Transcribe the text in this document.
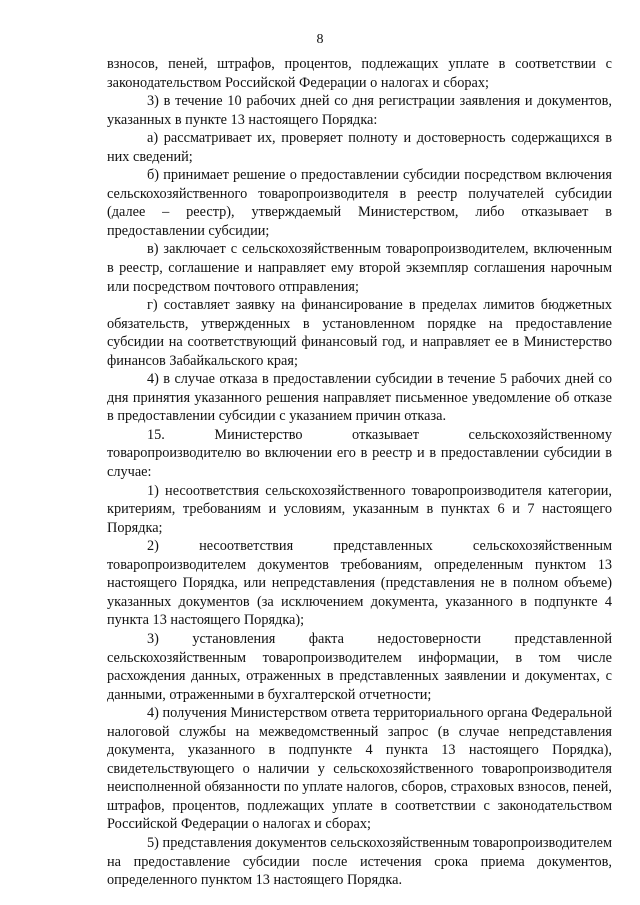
8

взносов, пеней, штрафов, процентов, подлежащих уплате в соответствии с законодательством Российской Федерации о налогах и сборах;

3) в течение 10 рабочих дней со дня регистрации заявления и документов, указанных в пункте 13 настоящего Порядка:

а) рассматривает их, проверяет полноту и достоверность содержащихся в них сведений;

б) принимает решение о предоставлении субсидии посредством включения сельскохозяйственного товаропроизводителя в реестр получателей субсидии (далее – реестр), утверждаемый Министерством, либо отказывает в предоставлении субсидии;

в) заключает с сельскохозяйственным товаропроизводителем, включенным в реестр, соглашение и направляет ему второй экземпляр соглашения нарочным или посредством почтового отправления;

г) составляет заявку на финансирование в пределах лимитов бюджетных обязательств, утвержденных в установленном порядке на предоставление субсидии на соответствующий финансовый год, и направляет ее в Министерство финансов Забайкальского края;

4) в случае отказа в предоставлении субсидии в течение 5 рабочих дней со дня принятия указанного решения направляет письменное уведомление об отказе в предоставлении субсидии с указанием причин отказа.

15. Министерство отказывает сельскохозяйственному товаропроизводителю во включении его в реестр и в предоставлении субсидии в случае:

1) несоответствия сельскохозяйственного товаропроизводителя категории, критериям, требованиям и условиям, указанным в пунктах 6 и 7 настоящего Порядка;

2) несоответствия представленных сельскохозяйственным товаропроизводителем документов требованиям, определенным пунктом 13 настоящего Порядка, или непредставления (представления не в полном объеме) указанных документов (за исключением документа, указанного в подпункте 4 пункта 13 настоящего Порядка);

3) установления факта недостоверности представленной сельскохозяйственным товаропроизводителем информации, в том числе расхождения данных, отраженных в представленных заявлении и документах, с данными, отраженными в бухгалтерской отчетности;

4) получения Министерством ответа территориального органа Федеральной налоговой службы на межведомственный запрос (в случае непредставления документа, указанного в подпункте 4 пункта 13 настоящего Порядка), свидетельствующего о наличии у сельскохозяйственного товаропроизводителя неисполненной обязанности по уплате налогов, сборов, страховых взносов, пеней, штрафов, процентов, подлежащих уплате в соответствии с законодательством Российской Федерации о налогах и сборах;

5) представления документов сельскохозяйственным товаропроизводителем на предоставление субсидии после истечения срока приема документов, определенного пунктом 13 настоящего Порядка.
